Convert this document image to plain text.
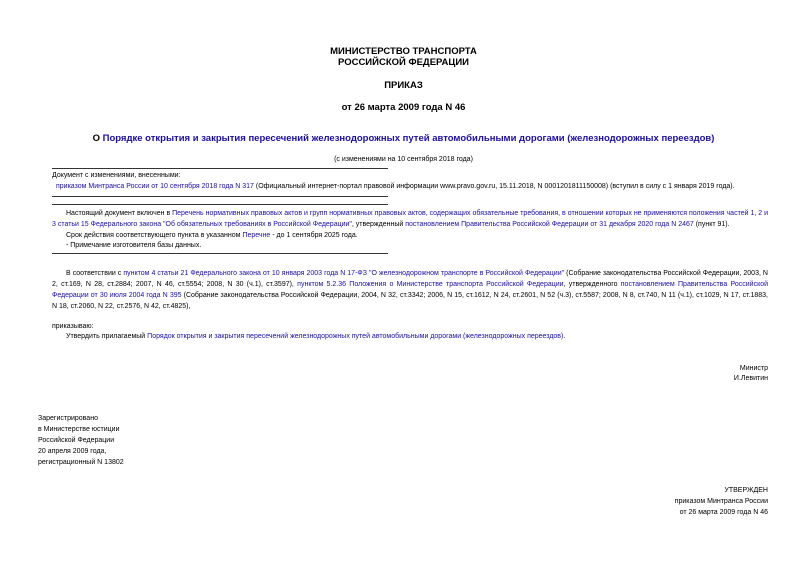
МИНИСТЕРСТВО ТРАНСПОРТА
РОССИЙСКОЙ ФЕДЕРАЦИИ
ПРИКАЗ
от 26 марта 2009 года N 46
О Порядке открытия и закрытия пересечений железнодорожных путей автомобильными дорогами (железнодорожных переездов)
(с изменениями на 10 сентября 2018 года)
Документ с изменениями, внесенными:
приказом Минтранса России от 10 сентября 2018 года N 317 (Официальный интернет-портал правовой информации www.pravo.gov.ru, 15.11.2018, N 0001201811150008) (вступил в силу с 1 января 2019 года).
Настоящий документ включен в Перечень нормативных правовых актов и групп нормативных правовых актов, содержащих обязательные требования, в отношении которых не применяются положения частей 1, 2 и 3 статьи 15 Федерального закона "Об обязательных требованиях в Российской Федерации", утвержденный постановлением Правительства Российской Федерации от 31 декабря 2020 года N 2467 (пункт 91).
Срок действия соответствующего пункта в указанном Перечне - до 1 сентября 2025 года.
- Примечание изготовителя базы данных.
В соответствии с пунктом 4 статьи 21 Федерального закона от 10 января 2003 года N 17-ФЗ "О железнодорожном транспорте в Российской Федерации" (Собрание законодательства Российской Федерации, 2003, N 2, ст.169, N 28, ст.2884; 2007, N 46, ст.5554; 2008, N 30 (ч.1), ст.3597), пунктом 5.2.36 Положения о Министерстве транспорта Российской Федерации, утвержденного постановлением Правительства Российской Федерации от 30 июля 2004 года N 395 (Собрание законодательства Российской Федерации, 2004, N 32, ст.3342; 2006, N 15, ст.1612, N 24, ст.2601, N 52 (ч.3), ст.5587; 2008, N 8, ст.740, N 11 (ч.1), ст.1029, N 17, ст.1883, N 18, ст.2060, N 22, ст.2576, N 42, ст.4825),
приказываю:
Утвердить прилагаемый Порядок открытия и закрытия пересечений железнодорожных путей автомобильными дорогами (железнодорожных переездов).
Министр
И.Левитин
Зарегистрировано
в Министерстве юстиции
Российской Федерации
20 апреля 2009 года,
регистрационный N 13802
УТВЕРЖДЕН
приказом Минтранса России
от 26 марта 2009 года N 46
